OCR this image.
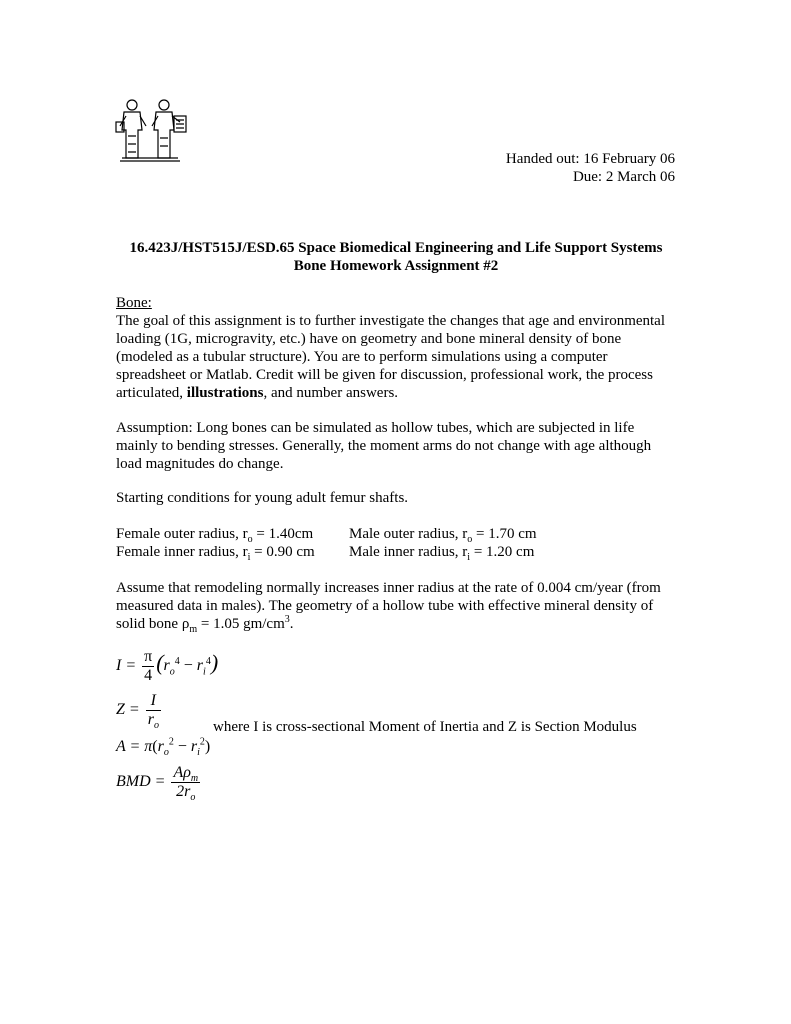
Handed out: 16 February 06
Due: 2 March 06
16.423J/HST515J/ESD.65 Space Biomedical Engineering and Life Support Systems
Bone Homework Assignment #2
Bone:
The goal of this assignment is to further investigate the changes that age and environmental loading (1G, microgravity, etc.) have on geometry and bone mineral density of bone (modeled as a tubular structure). You are to perform simulations using a computer spreadsheet or Matlab. Credit will be given for discussion, professional work, the process articulated, illustrations, and number answers.
Assumption: Long bones can be simulated as hollow tubes, which are subjected in life mainly to bending stresses. Generally, the moment arms do not change with age although load magnitudes do change.
Starting conditions for young adult femur shafts.
Female outer radius, $r_o = 1.40cm$ Male outer radius, $r_o = 1.70$ cm
Female inner radius, $r_i = 0.90$ cm Male inner radius, $r_i = 1.20$ cm
Assume that remodeling normally increases inner radius at the rate of 0.004 cm/year (from measured data in males). The geometry of a hollow tube with effective mineral density of solid bone $\rho_m = 1.05$ $gm/cm^3$.
$I = \frac{\pi}{4} (r_o^4 - r_i^4)$
$Z = \frac{I}{r_o}$	where I is cross-sectional Moment of Inertia and Z is Section Modulus
$A = \pi(r_o^2 - r_i^2)$
BMD = $\frac{A\rho_m}{2r_o}$
